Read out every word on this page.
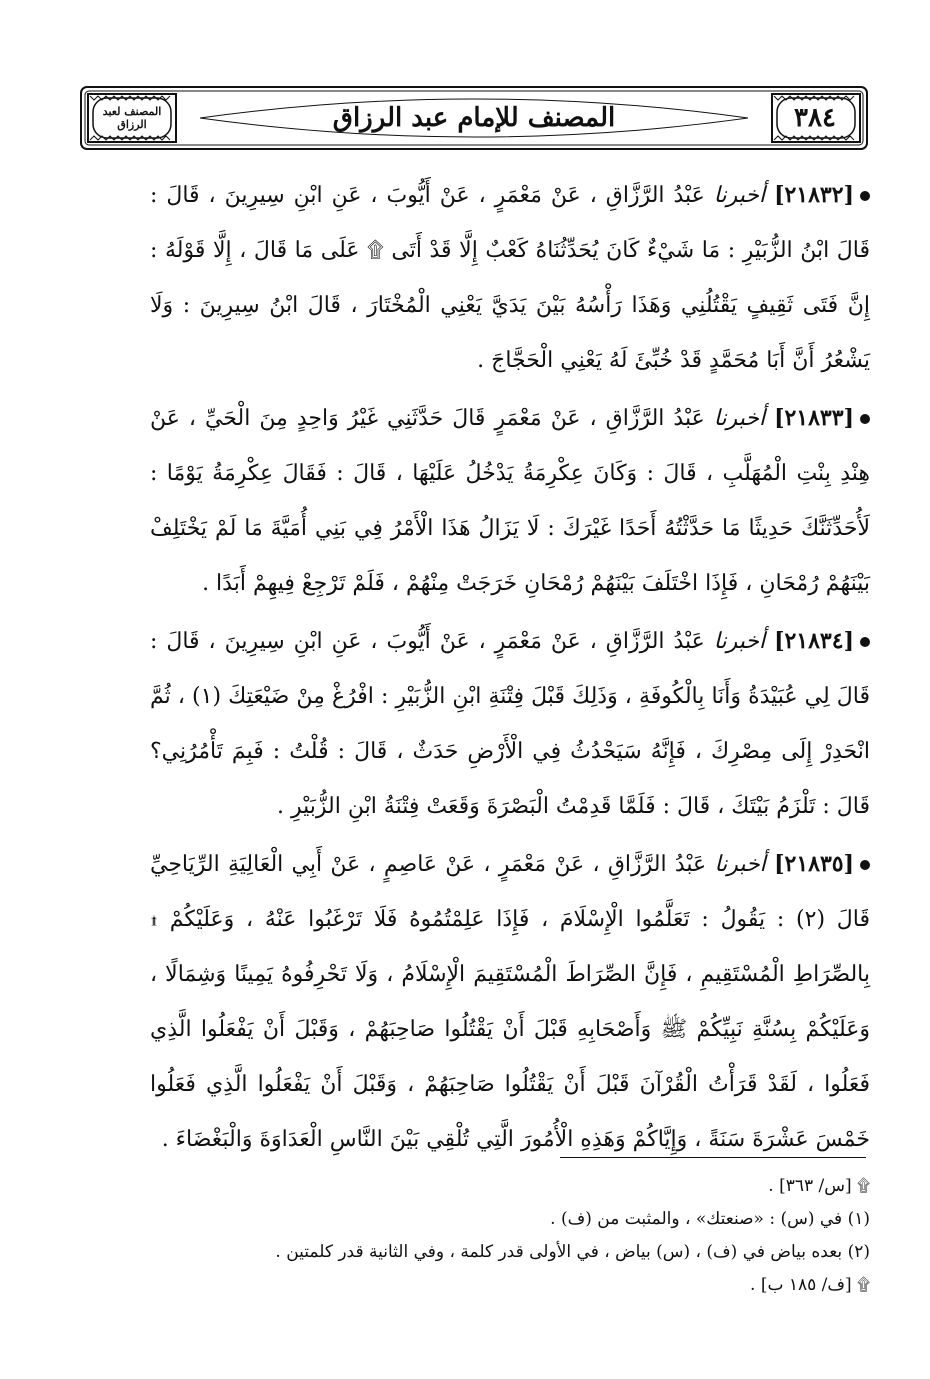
المصنف لعبد الرزاق	المصنف للإمام عبد الرزاق	٣٨٤

[٢١٨٣٢] أخبرنا عَبْدُ الرَّزَّاقِ ، عَنْ مَعْمَرٍ ، عَنْ أَيُّوبَ ، عَنِ ابْنِ سِيرِينَ ، قَالَ : قَالَ ابْنُ الزُّبَيْرِ : مَا شَيْءٌ كَانَ يُحَدِّثُنَاهُ كَعْبٌ إِلَّا قَدْ أَتَى ۩ عَلَى مَا قَالَ ، إِلَّا قَوْلَهُ : إِنَّ فَتَى ثَقِيفٍ يَقْتُلُنِي وَهَذَا رَأْسُهُ بَيْنَ يَدَيَّ يَعْنِي الْمُخْتَارَ ، قَالَ ابْنُ سِيرِينَ : وَلَا يَشْعُرُ أَنَّ أَبَا مُحَمَّدٍ قَدْ خُبِّئَ لَهُ يَعْنِي الْحَجَّاجَ .

[٢١٨٣٣] أخبرنا عَبْدُ الرَّزَّاقِ ، عَنْ مَعْمَرٍ قَالَ حَدَّثَنِي غَيْرُ وَاحِدٍ مِنَ الْحَيِّ ، عَنْ هِنْدِ بِنْتِ الْمُهَلَّبِ ، قَالَ : وَكَانَ عِكْرِمَةُ يَدْخُلُ عَلَيْهَا ، قَالَ : فَقَالَ عِكْرِمَةُ يَوْمًا : لَأُحَدِّثَنَّكَ حَدِيثًا مَا حَدَّثْتُهُ أَحَدًا غَيْرَكَ : لَا يَزَالُ هَذَا الْأَمْرُ فِي بَنِي أُمَيَّةَ مَا لَمْ يَخْتَلِفْ بَيْنَهُمْ رُمْحَانِ ، فَإِذَا اخْتَلَفَ بَيْنَهُمْ رُمْحَانِ خَرَجَتْ مِنْهُمْ ، فَلَمْ تَرْجِعْ فِيهِمْ أَبَدًا .

[٢١٨٣٤] أخبرنا عَبْدُ الرَّزَّاقِ ، عَنْ مَعْمَرٍ ، عَنْ أَيُّوبَ ، عَنِ ابْنِ سِيرِينَ ، قَالَ : قَالَ لِي عُبَيْدَةُ وَأَنَا بِالْكُوفَةِ ، وَذَلِكَ قَبْلَ فِتْنَةِ ابْنِ الزُّبَيْرِ : افْرُغْ مِنْ ضَيْعَتِكَ (١) ، ثُمَّ انْحَدِرْ إِلَى مِصْرِكَ ، فَإِنَّهُ سَيَحْدُثُ فِي الْأَرْضِ حَدَثٌ ، قَالَ : قُلْتُ : فَبِمَ تَأْمُرُنِي؟ قَالَ : تَلْزَمُ بَيْتَكَ ، قَالَ : فَلَمَّا قَدِمْتُ الْبَصْرَةَ وَقَعَتْ فِتْنَةُ ابْنِ الزُّبَيْرِ .

[٢١٨٣٥] أخبرنا عَبْدُ الرَّزَّاقِ ، عَنْ مَعْمَرٍ ، عَنْ عَاصِمٍ ، عَنْ أَبِي الْعَالِيَةِ الرِّيَاحِيِّ قَالَ (٢) : يَقُولُ : تَعَلَّمُوا الْإِسْلَامَ ، فَإِذَا عَلِمْتُمُوهُ فَلَا تَرْغَبُوا عَنْهُ ، وَعَلَيْكُمْ ۩ بِالصِّرَاطِ الْمُسْتَقِيمِ ، فَإِنَّ الصِّرَاطَ الْمُسْتَقِيمَ الْإِسْلَامُ ، وَلَا تَحْرِفُوهُ يَمِينًا وَشِمَالًا ، وَعَلَيْكُمْ بِسُنَّةِ نَبِيِّكُمْ ﷺ وَأَصْحَابِهِ قَبْلَ أَنْ يَقْتُلُوا صَاحِبَهُمْ ، وَقَبْلَ أَنْ يَفْعَلُوا الَّذِي فَعَلُوا ، لَقَدْ قَرَأْتُ الْقُرْآنَ قَبْلَ أَنْ يَقْتُلُوا صَاحِبَهُمْ ، وَقَبْلَ أَنْ يَفْعَلُوا الَّذِي فَعَلُوا خَمْسَ عَشْرَةَ سَنَةً ، وَإِيَّاكُمْ وَهَذِهِ الْأُمُورَ الَّتِي تُلْقِي بَيْنَ النَّاسِ الْعَدَاوَةَ وَالْبَغْضَاءَ .

۩ [س/ ٣٦٣] .

(١) في (س) : «صنعتك» ، والمثبت من (ف) .

(٢) بعده بياض في (ف) ، (س) بياض ، في الأولى قدر كلمة ، وفي الثانية قدر كلمتين .

۩ [ف/ ١٨٥ ب] .
